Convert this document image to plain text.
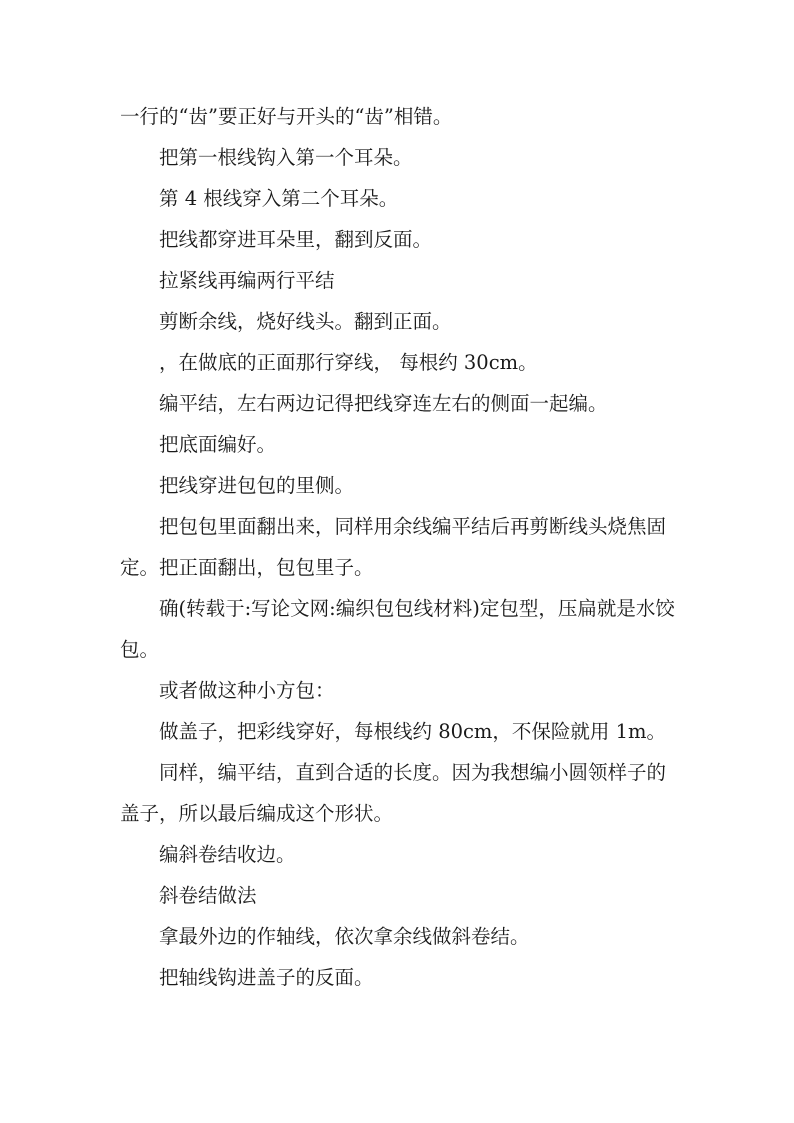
一行的“齿”要正好与开头的“齿”相错。

把第一根线钩入第一个耳朵。

第 4 根线穿入第二个耳朵。

把线都穿进耳朵里，翻到反面。

拉紧线再编两行平结

剪断余线，烧好线头。翻到正面。

，在做底的正面那行穿线， 每根约 30cm。

编平结，左右两边记得把线穿连左右的侧面一起编。

把底面编好。

把线穿进包包的里侧。

把包包里面翻出来，同样用余线编平结后再剪断线头烧焦固定。把正面翻出，包包里子。

确(转载于:写论文网:编织包包线材料)定包型，压扁就是水饺包。

或者做这种小方包：

做盖子，把彩线穿好，每根线约 80cm，不保险就用 1m。

同样，编平结，直到合适的长度。因为我想编小圆领样子的盖子，所以最后编成这个形状。

编斜卷结收边。

斜卷结做法

拿最外边的作轴线，依次拿余线做斜卷结。

把轴线钩进盖子的反面。
